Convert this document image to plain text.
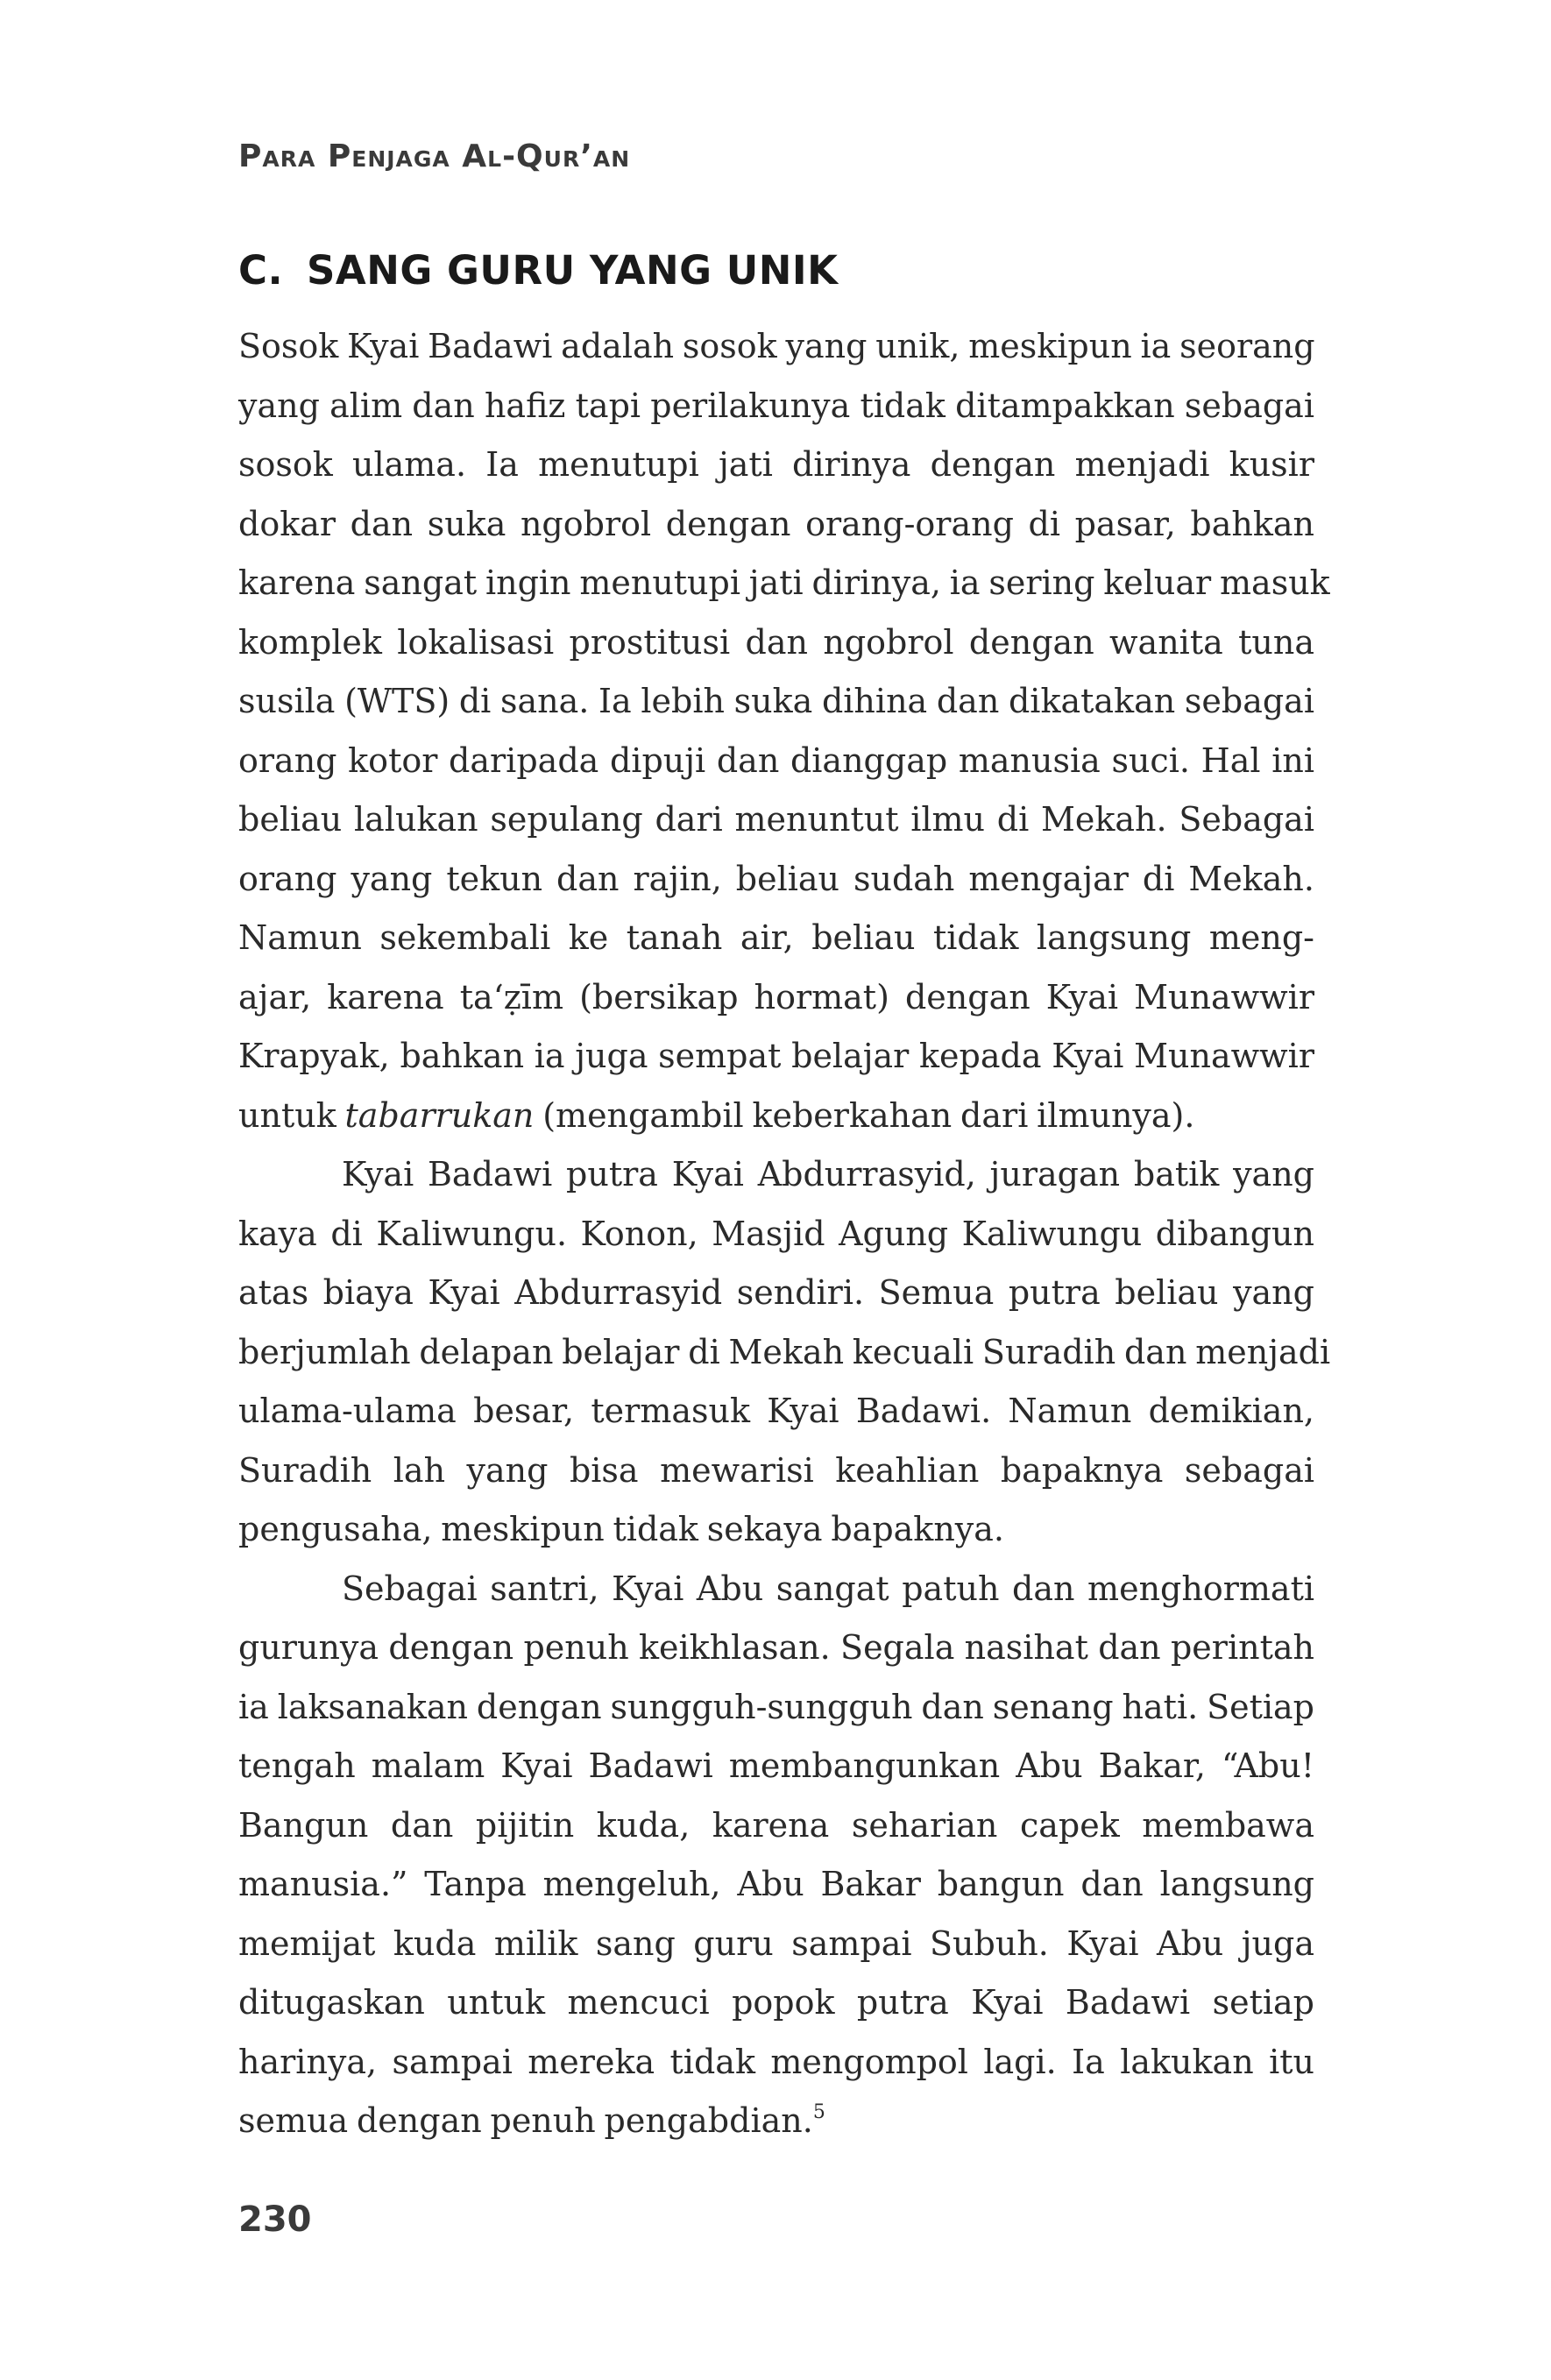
Para Penjaga Al-Qur’an
C. SANG GURU YANG UNIK
Sosok Kyai Badawi adalah sosok yang unik, meskipun ia seorang
yang alim dan hafiz tapi perilakunya tidak ditampakkan sebagai
sosok ulama. Ia menutupi jati dirinya dengan menjadi kusir
dokar dan suka ngobrol dengan orang-orang di pasar, bahkan
karena sangat ingin menutupi jati dirinya, ia sering keluar masuk
komplek lokalisasi prostitusi dan ngobrol dengan wanita tuna
susila (WTS) di sana. Ia lebih suka dihina dan dikatakan sebagai
orang kotor daripada dipuji dan dianggap manusia suci. Hal ini
beliau lalukan sepulang dari menuntut ilmu di Mekah. Sebagai
orang yang tekun dan rajin, beliau sudah mengajar di Mekah.
Namun sekembali ke tanah air, beliau tidak langsung meng-
ajar, karena ta‘ẓīm (bersikap hormat) dengan Kyai Munawwir
Krapyak, bahkan ia juga sempat belajar kepada Kyai Munawwir
untuk tabarrukan (mengambil keberkahan dari ilmunya).
Kyai Badawi putra Kyai Abdurrasyid, juragan batik yang
kaya di Kaliwungu. Konon, Masjid Agung Kaliwungu dibangun
atas biaya Kyai Abdurrasyid sendiri. Semua putra beliau yang
berjumlah delapan belajar di Mekah kecuali Suradih dan menjadi
ulama-ulama besar, termasuk Kyai Badawi. Namun demikian,
Suradih lah yang bisa mewarisi keahlian bapaknya sebagai
pengusaha, meskipun tidak sekaya bapaknya.
Sebagai santri, Kyai Abu sangat patuh dan menghormati
gurunya dengan penuh keikhlasan. Segala nasihat dan perintah
ia laksanakan dengan sungguh-sungguh dan senang hati. Setiap
tengah malam Kyai Badawi membangunkan Abu Bakar, “Abu!
Bangun dan pijitin kuda, karena seharian capek membawa
manusia.” Tanpa mengeluh, Abu Bakar bangun dan langsung
memijat kuda milik sang guru sampai Subuh. Kyai Abu juga
ditugaskan untuk mencuci popok putra Kyai Badawi setiap
harinya, sampai mereka tidak mengompol lagi. Ia lakukan itu
semua dengan penuh pengabdian.$^5$
230
